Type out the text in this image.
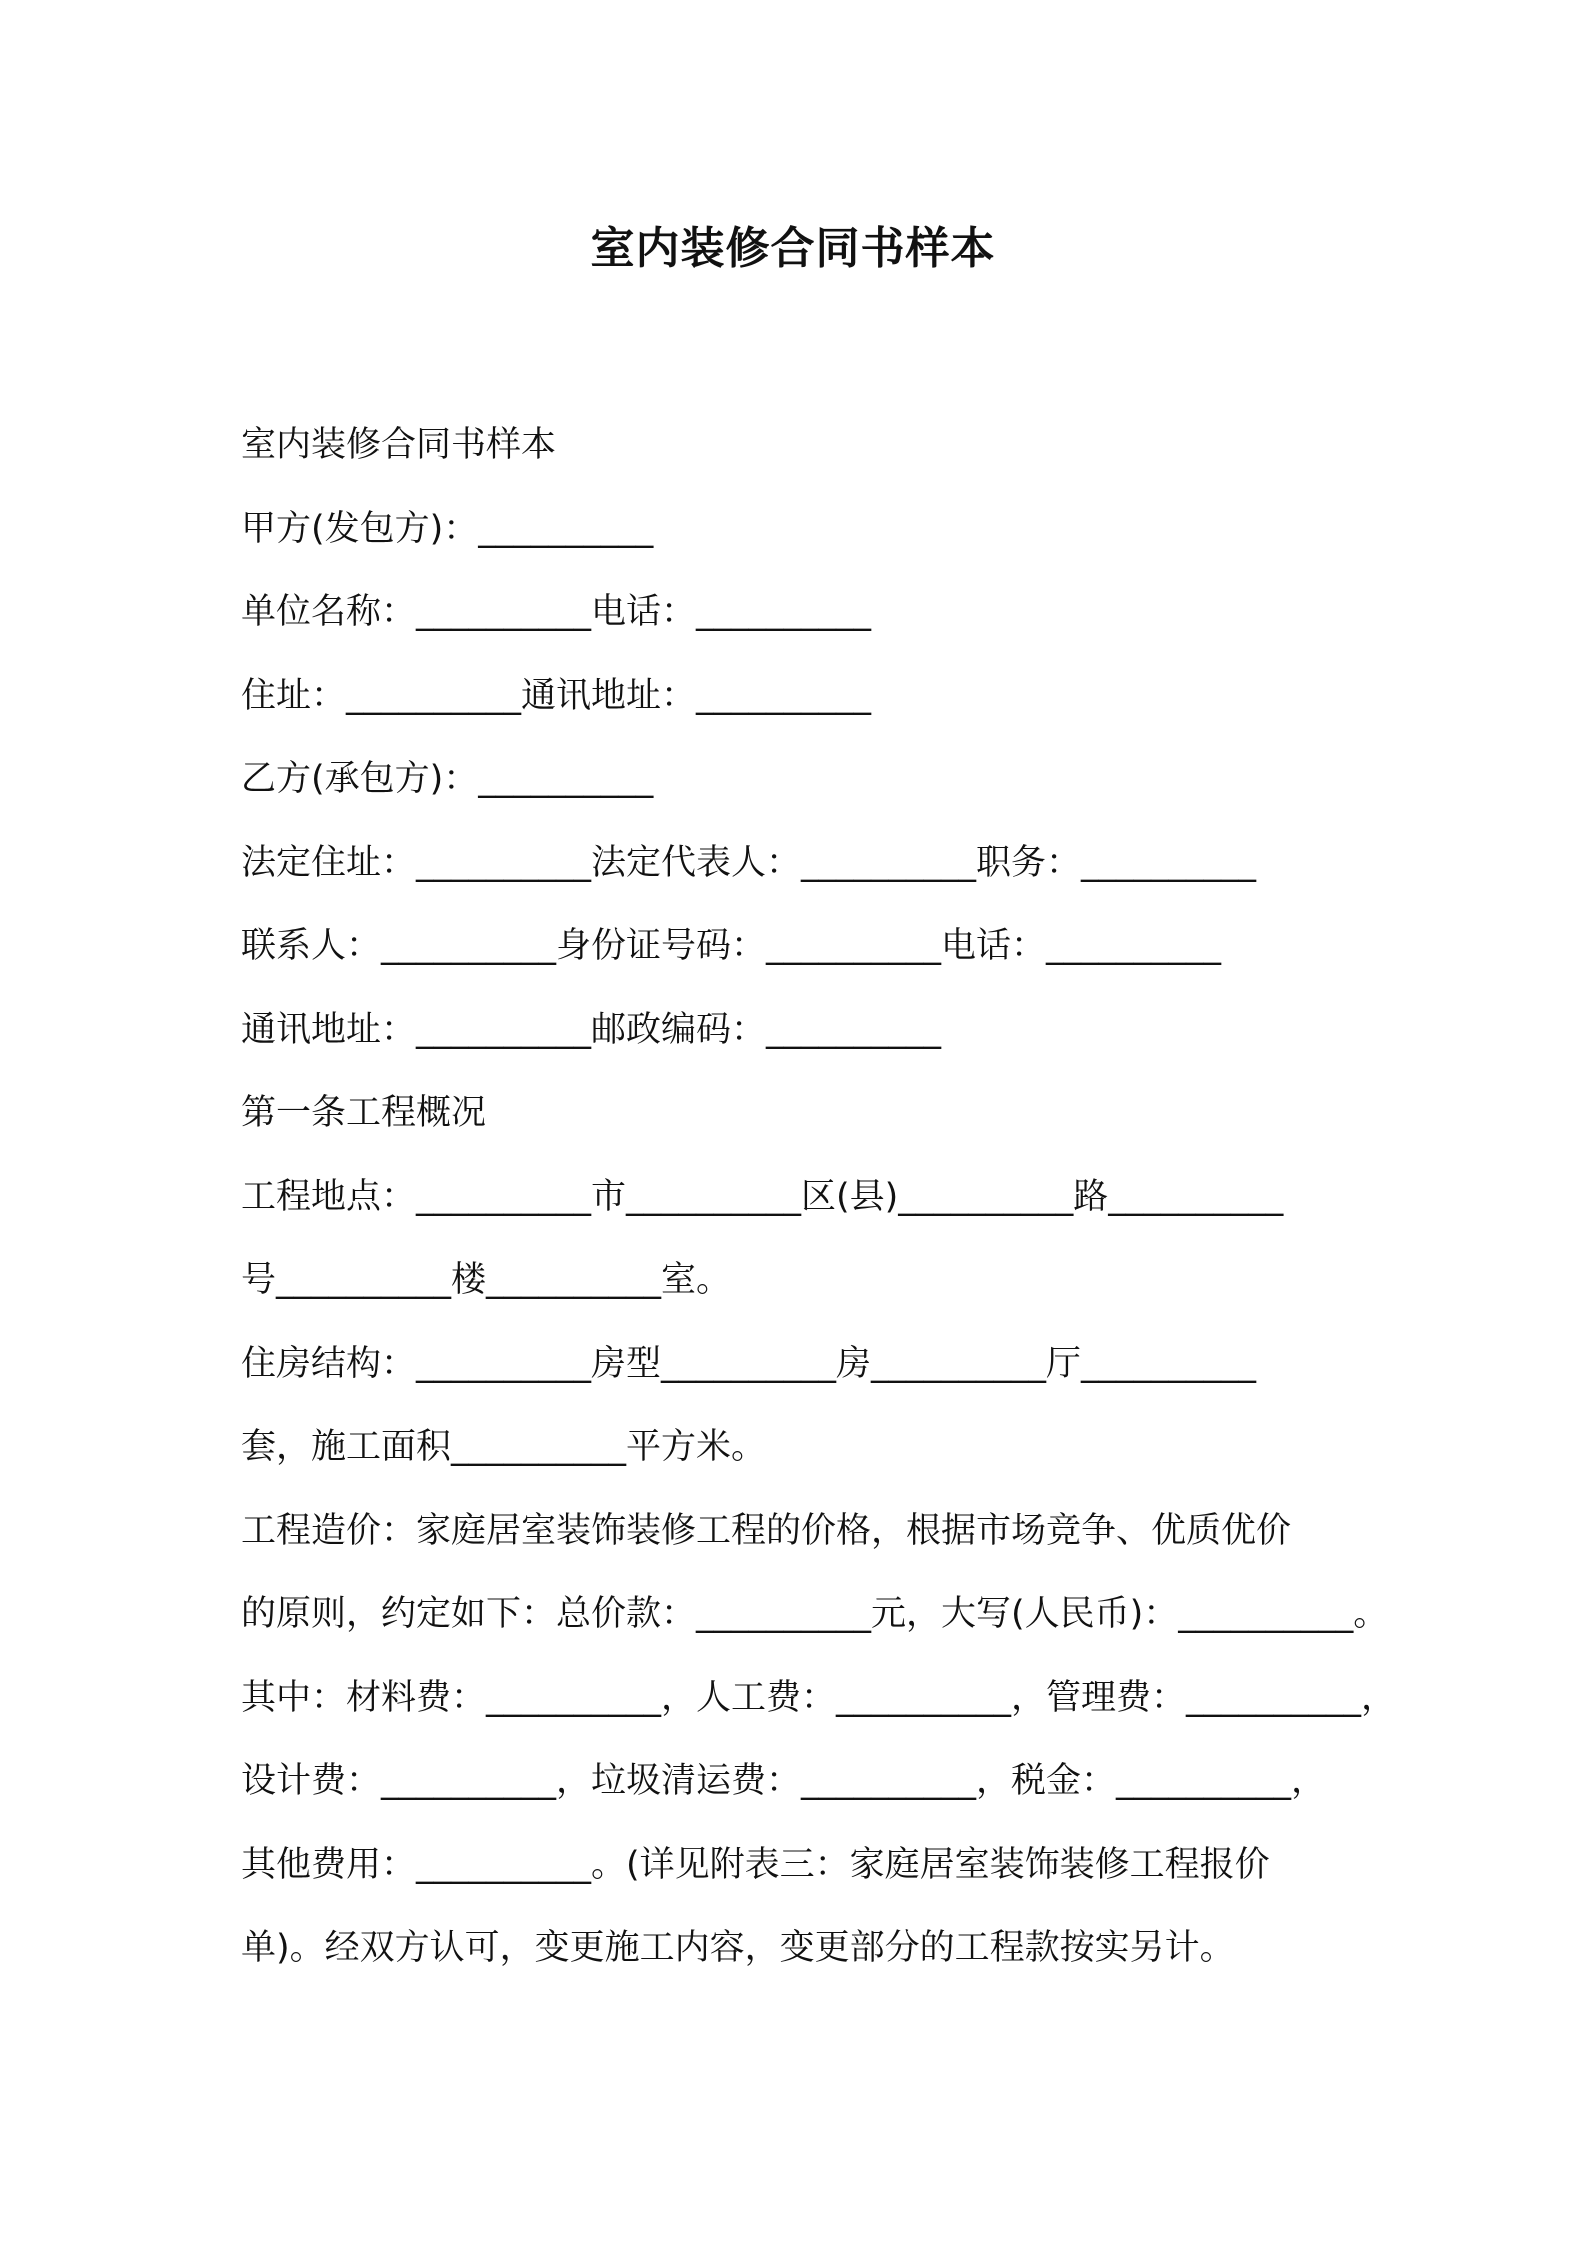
室内装修合同书样本
室内装修合同书样本
甲方(发包方)：__________
单位名称：__________电话：__________
住址：__________通讯地址：__________
乙方(承包方)：__________
法定住址：__________法定代表人：__________职务：__________
联系人：__________身份证号码：__________电话：__________
通讯地址：__________邮政编码：__________
第一条工程概况
工程地点：__________市__________区(县)__________路__________
号__________楼__________室。
住房结构：__________房型__________房__________厅__________
套，施工面积__________平方米。
工程造价：家庭居室装饰装修工程的价格，根据市场竞争、优质优价
的原则，约定如下：总价款：__________元，大写(人民币)：__________。
其中：材料费：__________，人工费：__________，管理费：__________，
设计费：__________，垃圾清运费：__________，税金：__________，
其他费用：__________。(详见附表三：家庭居室装饰装修工程报价
单)。经双方认可，变更施工内容，变更部分的工程款按实另计。
